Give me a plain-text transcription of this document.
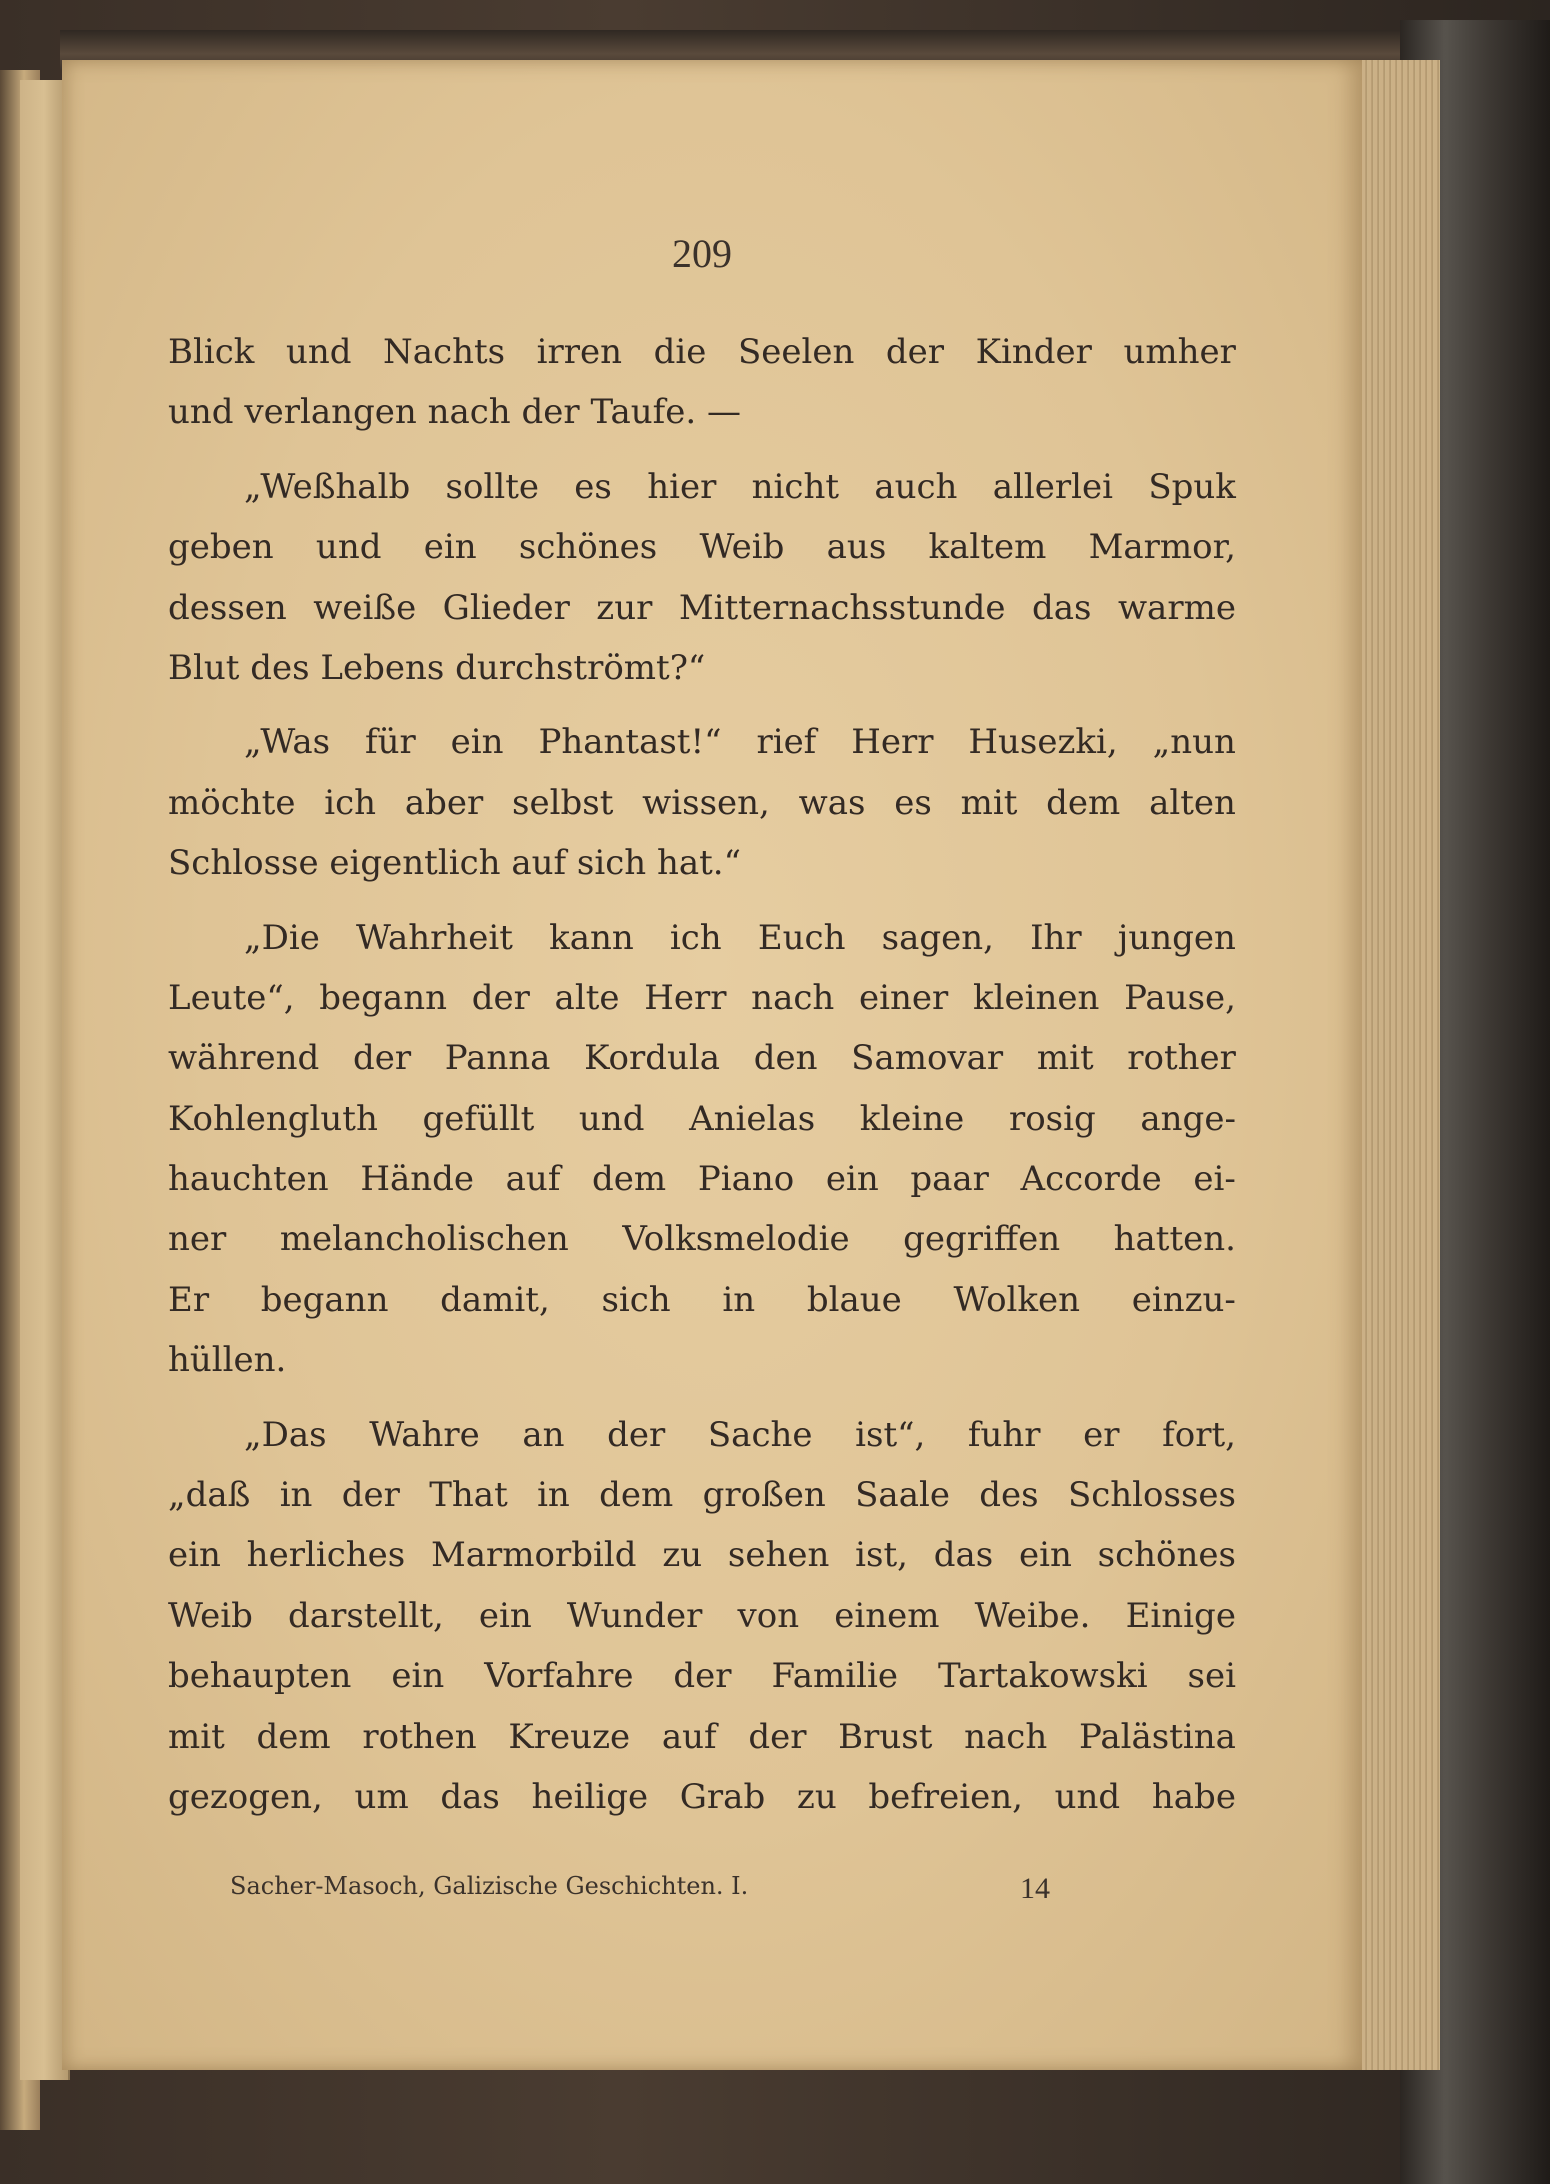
209
Blick und Nachts irren die Seelen der Kinder umher
und verlangen nach der Taufe. —
„Weßhalb sollte es hier nicht auch allerlei Spuk
geben und ein schönes Weib aus kaltem Marmor,
dessen weiße Glieder zur Mitternachsstunde das warme
Blut des Lebens durchströmt?“
„Was für ein Phantast!“ rief Herr Husezki, „nun
möchte ich aber selbst wissen, was es mit dem alten
Schlosse eigentlich auf sich hat.“
„Die Wahrheit kann ich Euch sagen, Ihr jungen
Leute“, begann der alte Herr nach einer kleinen Pause,
während der Panna Kordula den Samovar mit rother
Kohlengluth gefüllt und Anielas kleine rosig ange-
hauchten Hände auf dem Piano ein paar Accorde ei-
ner melancholischen Volksmelodie gegriffen hatten.
Er begann damit, sich in blaue Wolken einzu-
hüllen.
„Das Wahre an der Sache ist“, fuhr er fort,
„daß in der That in dem großen Saale des Schlosses
ein herliches Marmorbild zu sehen ist, das ein schönes
Weib darstellt, ein Wunder von einem Weibe. Einige
behaupten ein Vorfahre der Familie Tartakowski sei
mit dem rothen Kreuze auf der Brust nach Palästina
gezogen, um das heilige Grab zu befreien, und habe
Sacher-Masoch, Galizische Geschichten. I.	14
